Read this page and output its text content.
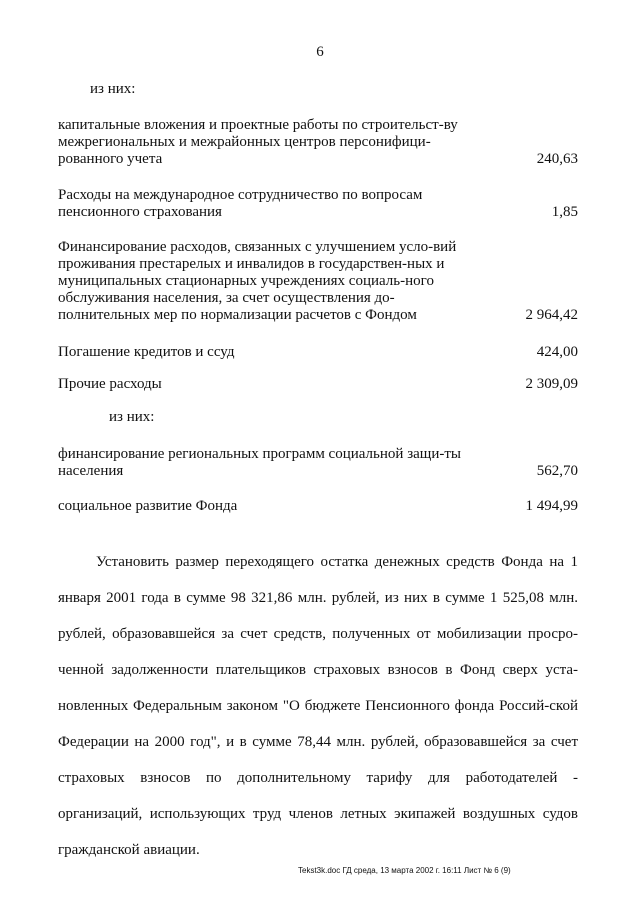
6
из них:
капитальные вложения и проектные работы по строительст-ву межрегиональных и межрайонных центров персонифици-рованного учета	240,63
Расходы на международное сотрудничество по вопросам пенсионного страхования	1,85
Финансирование расходов, связанных с улучшением усло-вий проживания престарелых и инвалидов в государствен-ных и муниципальных стационарных учреждениях социаль-ного обслуживания населения, за счет осуществления до-полнительных мер по нормализации расчетов с Фондом	2 964,42
Погашение кредитов и ссуд	424,00
Прочие расходы	2 309,09
из них:
финансирование региональных программ социальной защи-ты населения	562,70
социальное развитие Фонда	1 494,99
Установить размер переходящего остатка денежных средств Фонда на 1 января 2001 года в сумме 98 321,86 млн. рублей, из них в сумме 1 525,08 млн. рублей, образовавшейся за счет средств, полученных от мобилизации просро-ченной задолженности плательщиков страховых взносов в Фонд сверх уста-новленных Федеральным законом "О бюджете Пенсионного фонда Россий-ской Федерации на 2000 год", и в сумме 78,44 млн. рублей, образовавшейся за счет страховых взносов по дополнительному тарифу для работодателей - организаций, использующих труд членов летных экипажей воздушных судов гражданской авиации.
Tekst3k.doc ГД среда, 13 марта 2002 г. 16:11 Лист № 6 (9)
